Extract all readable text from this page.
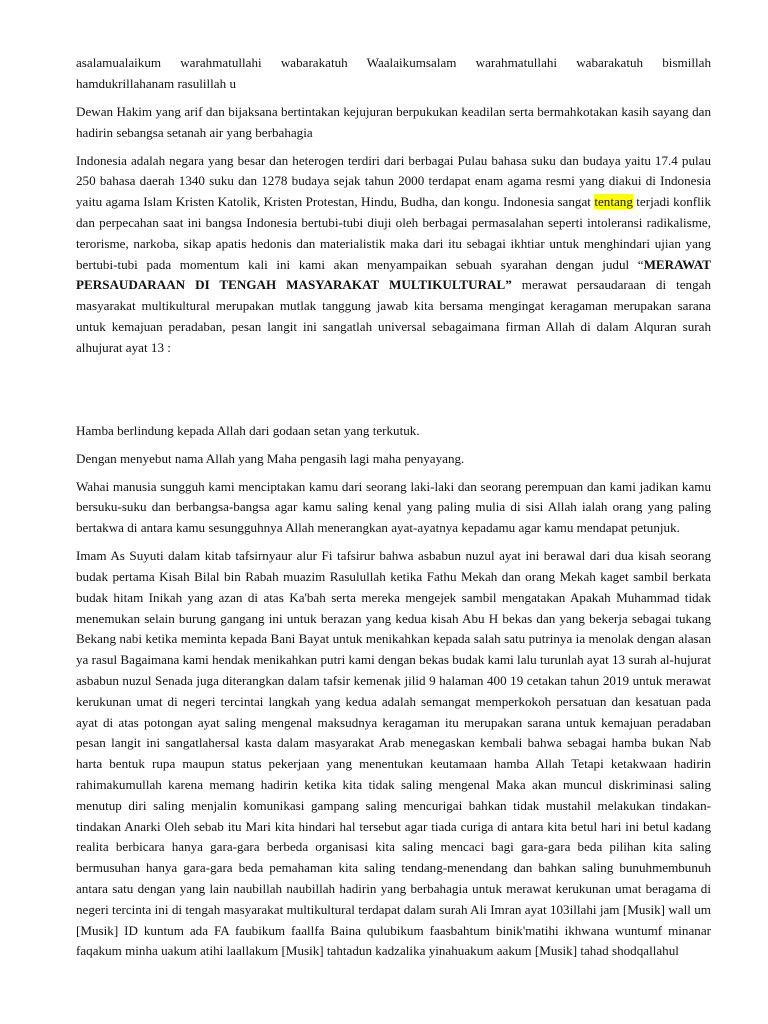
asalamualaikum warahmatullahi wabarakatuh Waalaikumsalam warahmatullahi wabarakatuh bismillah hamdukrillahanam rasulillah u

Dewan Hakim yang arif dan bijaksana bertintakan kejujuran berpukukan keadilan serta bermahkotakan kasih sayang dan hadirin sebangsa setanah air yang berbahagia

Indonesia adalah negara yang besar dan heterogen terdiri dari berbagai Pulau bahasa suku dan budaya yaitu 17.4 pulau 250 bahasa daerah 1340 suku dan 1278 budaya sejak tahun 2000 terdapat enam agama resmi yang diakui di Indonesia yaitu agama Islam Kristen Katolik, Kristen Protestan, Hindu, Budha, dan kongu. Indonesia sangat tentang terjadi konflik dan perpecahan saat ini bangsa Indonesia bertubi-tubi diuji oleh berbagai permasalahan seperti intoleransi radikalisme, terorisme, narkoba, sikap apatis hedonis dan materialistik maka dari itu sebagai ikhtiar untuk menghindari ujian yang bertubi-tubi pada momentum kali ini kami akan menyampaikan sebuah syarahan dengan judul “MERAWAT PERSAUDARAAN DI TENGAH MASYARAKAT MULTIKULTURAL” merawat persaudaraan di tengah masyarakat multikultural merupakan mutlak tanggung jawab kita bersama mengingat keragaman merupakan sarana untuk kemajuan peradaban, pesan langit ini sangatlah universal sebagaimana firman Allah di dalam Alquran surah alhujurat ayat 13 :

Hamba berlindung kepada Allah dari godaan setan yang terkutuk.

Dengan menyebut nama Allah yang Maha pengasih lagi maha penyayang.

Wahai manusia sungguh kami menciptakan kamu dari seorang laki-laki dan seorang perempuan dan kami jadikan kamu bersuku-suku dan berbangsa-bangsa agar kamu saling kenal yang paling mulia di sisi Allah ialah orang yang paling bertakwa di antara kamu sesungguhnya Allah menerangkan ayat-ayatnya kepadamu agar kamu mendapat petunjuk.

Imam As Suyuti dalam kitab tafsirnyaur alur Fi tafsirur bahwa asbabun nuzul ayat ini berawal dari dua kisah seorang budak pertama Kisah Bilal bin Rabah muazim Rasulullah ketika Fathu Mekah dan orang Mekah kaget sambil berkata budak hitam Inikah yang azan di atas Ka'bah serta mereka mengejek sambil mengatakan Apakah Muhammad tidak menemukan selain burung gangang ini untuk berazan yang kedua kisah Abu H bekas dan yang bekerja sebagai tukang Bekang nabi ketika meminta kepada Bani Bayat untuk menikahkan kepada salah satu putrinya ia menolak dengan alasan ya rasul Bagaimana kami hendak menikahkan putri kami dengan bekas budak kami lalu turunlah ayat 13 surah al-hujurat asbabun nuzul Senada juga diterangkan dalam tafsir kemenak jilid 9 halaman 400 19 cetakan tahun 2019 untuk merawat kerukunan umat di negeri tercintai langkah yang kedua adalah semangat memperkokoh persatuan dan kesatuan pada ayat di atas potongan ayat saling mengenal maksudnya keragaman itu merupakan sarana untuk kemajuan peradaban pesan langit ini sangatlahersal kasta dalam masyarakat Arab menegaskan kembali bahwa sebagai hamba bukan Nab harta bentuk rupa maupun status pekerjaan yang menentukan keutamaan hamba Allah Tetapi ketakwaan hadirin rahimakumullah karena memang hadirin ketika kita tidak saling mengenal Maka akan muncul diskriminasi saling menutup diri saling menjalin komunikasi gampang saling mencurigai bahkan tidak mustahil melakukan tindakan-tindakan Anarki Oleh sebab itu Mari kita hindari hal tersebut agar tiada curiga di antara kita betul hari ini betul kadang realita berbicara hanya gara-gara berbeda organisasi kita saling mencaci bagi gara-gara beda pilihan kita saling bermusuhan hanya gara-gara beda pemahaman kita saling tendang-menendang dan bahkan saling bunuhmembunuh antara satu dengan yang lain naubillah naubillah hadirin yang berbahagia untuk merawat kerukunan umat beragama di negeri tercinta ini di tengah masyarakat multikultural terdapat dalam surah Ali Imran ayat 103illahi jam [Musik] wall um [Musik] ID kuntum ada FA faubikum faallfa Baina qulubikum faasbahtum binik'matihi ikhwana wuntumf minanar faqakum minha uakum atihi laallakum [Musik] tahtadun kadzalika yinahuakum aakum [Musik] tahad shodqallahul
